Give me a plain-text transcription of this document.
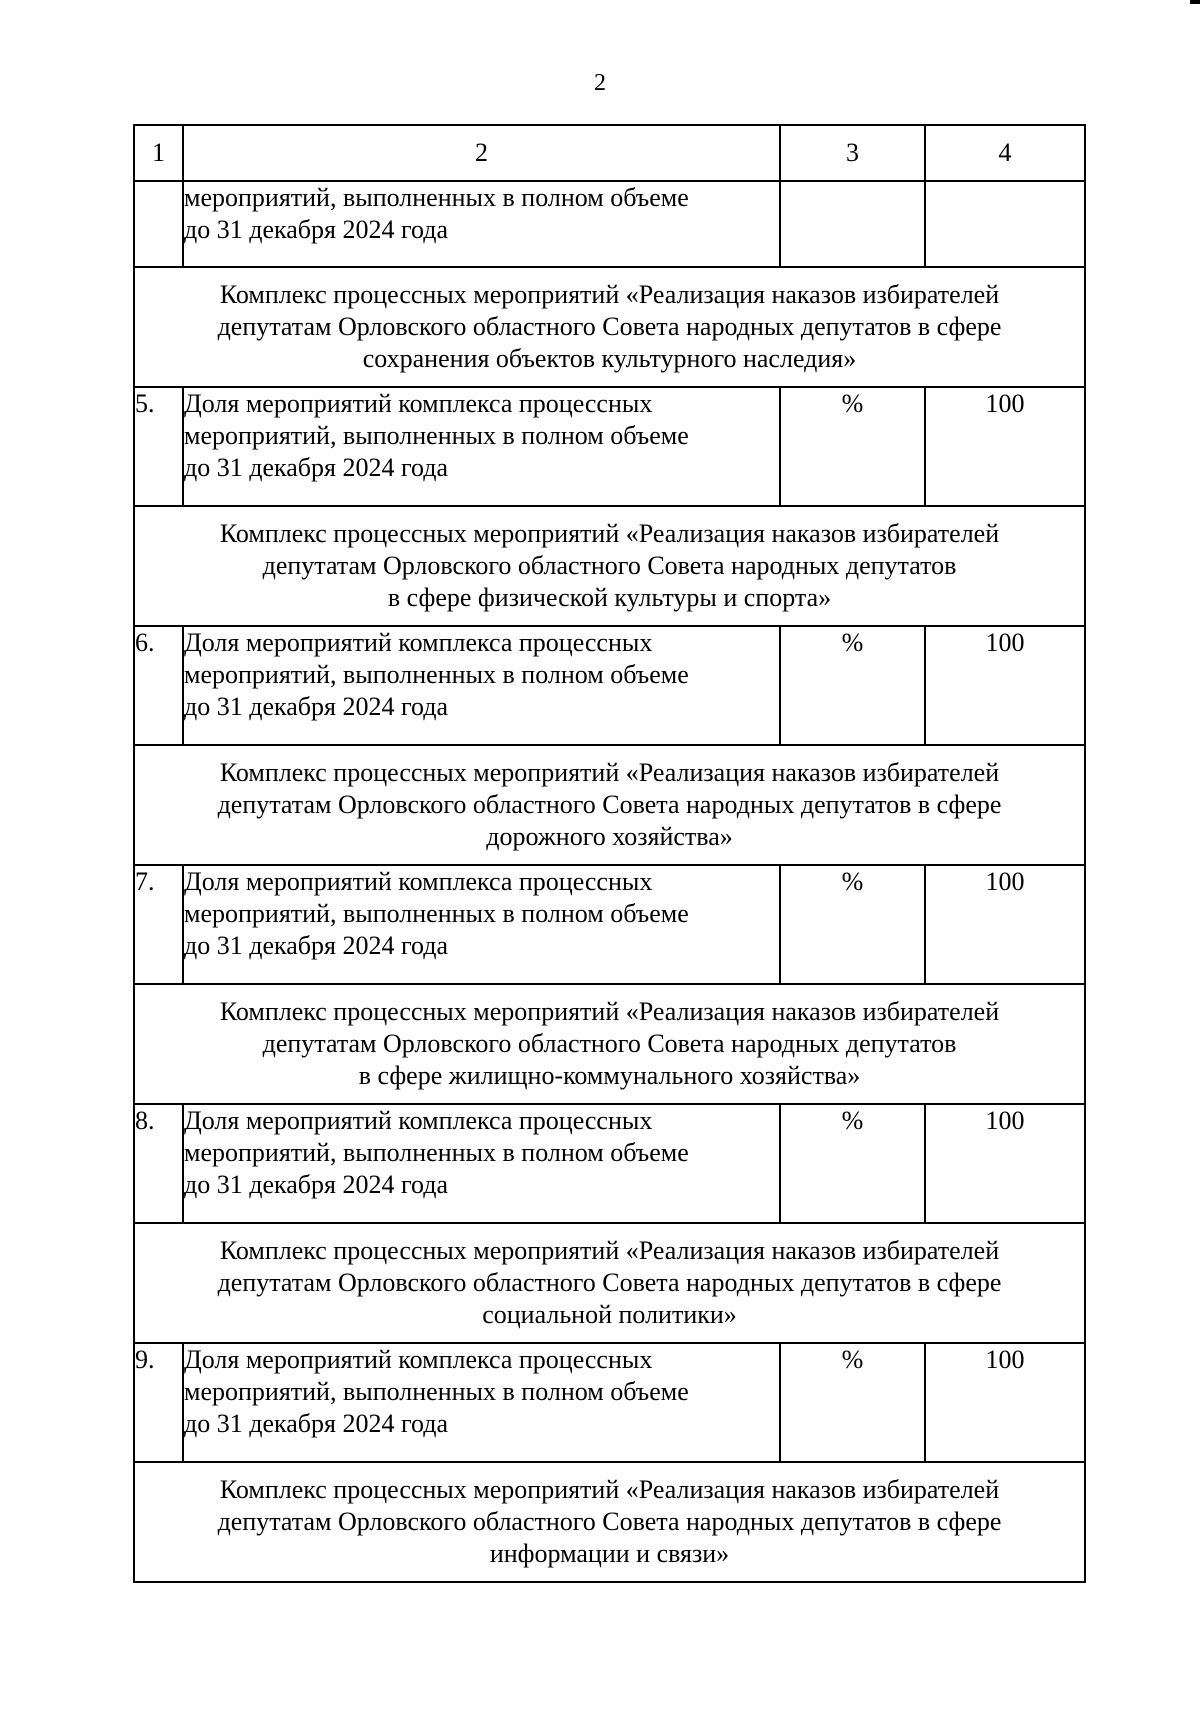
2
1	2	3	4
	мероприятий, выполненных в полном объеме
до 31 декабря 2024 года		
Комплекс процессных мероприятий «Реализация наказов избирателей
депутатам Орловского областного Совета народных депутатов в сфере
сохранения объектов культурного наследия»			
5.	Доля мероприятий комплекса процессных
мероприятий, выполненных в полном объеме
до 31 декабря 2024 года	%	100
Комплекс процессных мероприятий «Реализация наказов избирателей
депутатам Орловского областного Совета народных депутатов
в сфере физической культуры и спорта»			
6.	Доля мероприятий комплекса процессных
мероприятий, выполненных в полном объеме
до 31 декабря 2024 года	%	100
Комплекс процессных мероприятий «Реализация наказов избирателей
депутатам Орловского областного Совета народных депутатов в сфере
дорожного хозяйства»			
7.	Доля мероприятий комплекса процессных
мероприятий, выполненных в полном объеме
до 31 декабря 2024 года	%	100
Комплекс процессных мероприятий «Реализация наказов избирателей
депутатам Орловского областного Совета народных депутатов
в сфере жилищно-коммунального хозяйства»			
8.	Доля мероприятий комплекса процессных
мероприятий, выполненных в полном объеме
до 31 декабря 2024 года	%	100
Комплекс процессных мероприятий «Реализация наказов избирателей
депутатам Орловского областного Совета народных депутатов в сфере
социальной политики»			
9.	Доля мероприятий комплекса процессных
мероприятий, выполненных в полном объеме
до 31 декабря 2024 года	%	100
Комплекс процессных мероприятий «Реализация наказов избирателей
депутатам Орловского областного Совета народных депутатов в сфере
информации и связи»			
